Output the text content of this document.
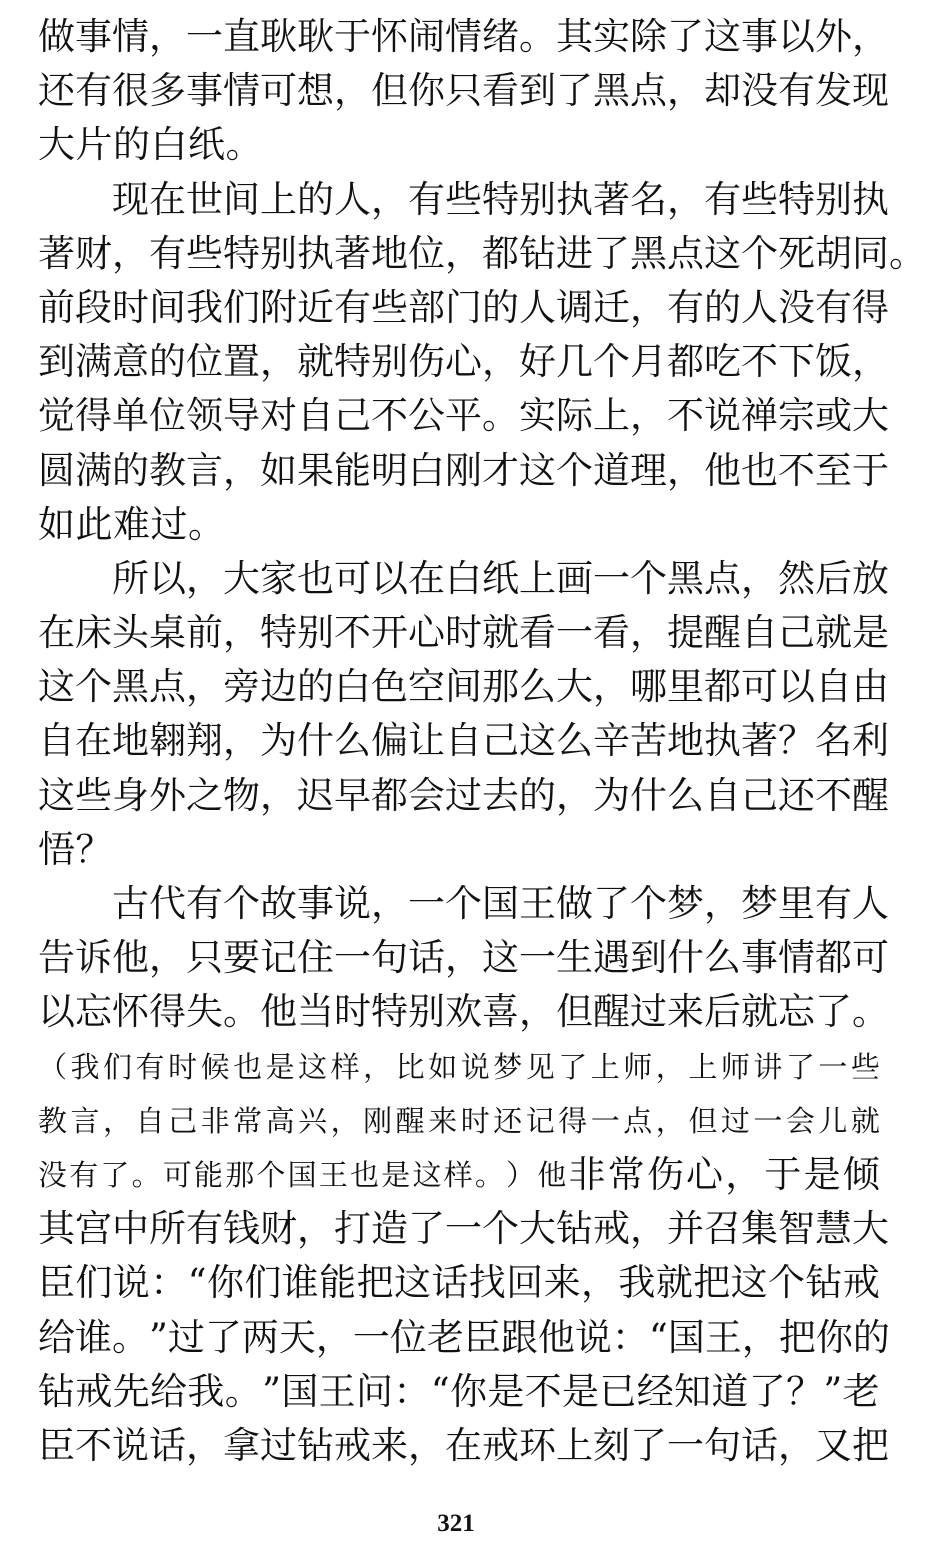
做 事 情 ， 一 直 耿 耿 于 怀 闹 情 绪 。 其 实 除 了 这 事 以 外 ，
还 有 很 多 事 情 可 想 ， 但 你 只 看 到 了 黑 点 ， 却 没 有 发 现
大 片 的 白 纸 。
现 在 世 间 上 的 人 ， 有 些 特 别 执 著 名 ， 有 些 特 别 执
著 财 ， 有 些 特 别 执 著 地 位 ， 都 钻 进 了 黑 点 这 个 死 胡 同 。
前 段 时 间 我 们 附 近 有 些 部 门 的 人 调 迁 ， 有 的 人 没 有 得
到 满 意 的 位 置 ， 就 特 别 伤 心 ， 好 几 个 月 都 吃 不 下 饭 ，
觉 得 单 位 领 导 对 自 己 不 公 平 。 实 际 上 ， 不 说 禅 宗 或 大
圆 满 的 教 言 ， 如 果 能 明 白 刚 才 这 个 道 理 ， 他 也 不 至 于
如 此 难 过 。
所 以 ， 大 家 也 可 以 在 白 纸 上 画 一 个 黑 点 ， 然 后 放
在 床 头 桌 前 ， 特 别 不 开 心 时 就 看 一 看 ， 提 醒 自 己 就 是
这 个 黑 点 ， 旁 边 的 白 色 空 间 那 么 大 ， 哪 里 都 可 以 自 由
自 在 地 翱 翔 ， 为 什 么 偏 让 自 己 这 么 辛 苦 地 执 著 ？ 名 利
这 些 身 外 之 物 ， 迟 早 都 会 过 去 的 ， 为 什 么 自 己 还 不 醒
悟 ？
古 代 有 个 故 事 说 ， 一 个 国 王 做 了 个 梦 ， 梦 里 有 人
告 诉 他 ， 只 要 记 住 一 句 话 ， 这 一 生 遇 到 什 么 事 情 都 可
以 忘 怀 得 失 。 他 当 时 特 别 欢 喜 ， 但 醒 过 来 后 就 忘 了 。
（ 我 们 有 时 候 也 是 这 样 ， 比 如 说 梦 见 了 上 师 ， 上 师 讲 了 一 些
教 言 ， 自 己 非 常 高 兴 ， 刚 醒 来 时 还 记 得 一 点 ， 但 过 一 会 儿 就
没 有 了 。 可 能 那 个 国 王 也 是 这 样 。 ） 他 非 常 伤 心 ， 于 是 倾
其 宫 中 所 有 钱 财 ， 打 造 了 一 个 大 钻 戒 ， 并 召 集 智 慧 大
臣 们 说 ： “ 你 们 谁 能 把 这 话 找 回 来 ， 我 就 把 这 个 钻 戒
给 谁 。 ” 过 了 两 天 ， 一 位 老 臣 跟 他 说 ： “ 国 王 ， 把 你 的
钻 戒 先 给 我 。 ” 国 王 问 ： “ 你 是 不 是 已 经 知 道 了 ？ ” 老
臣 不 说 话 ， 拿 过 钻 戒 来 ， 在 戒 环 上 刻 了 一 句 话 ， 又 把
321
